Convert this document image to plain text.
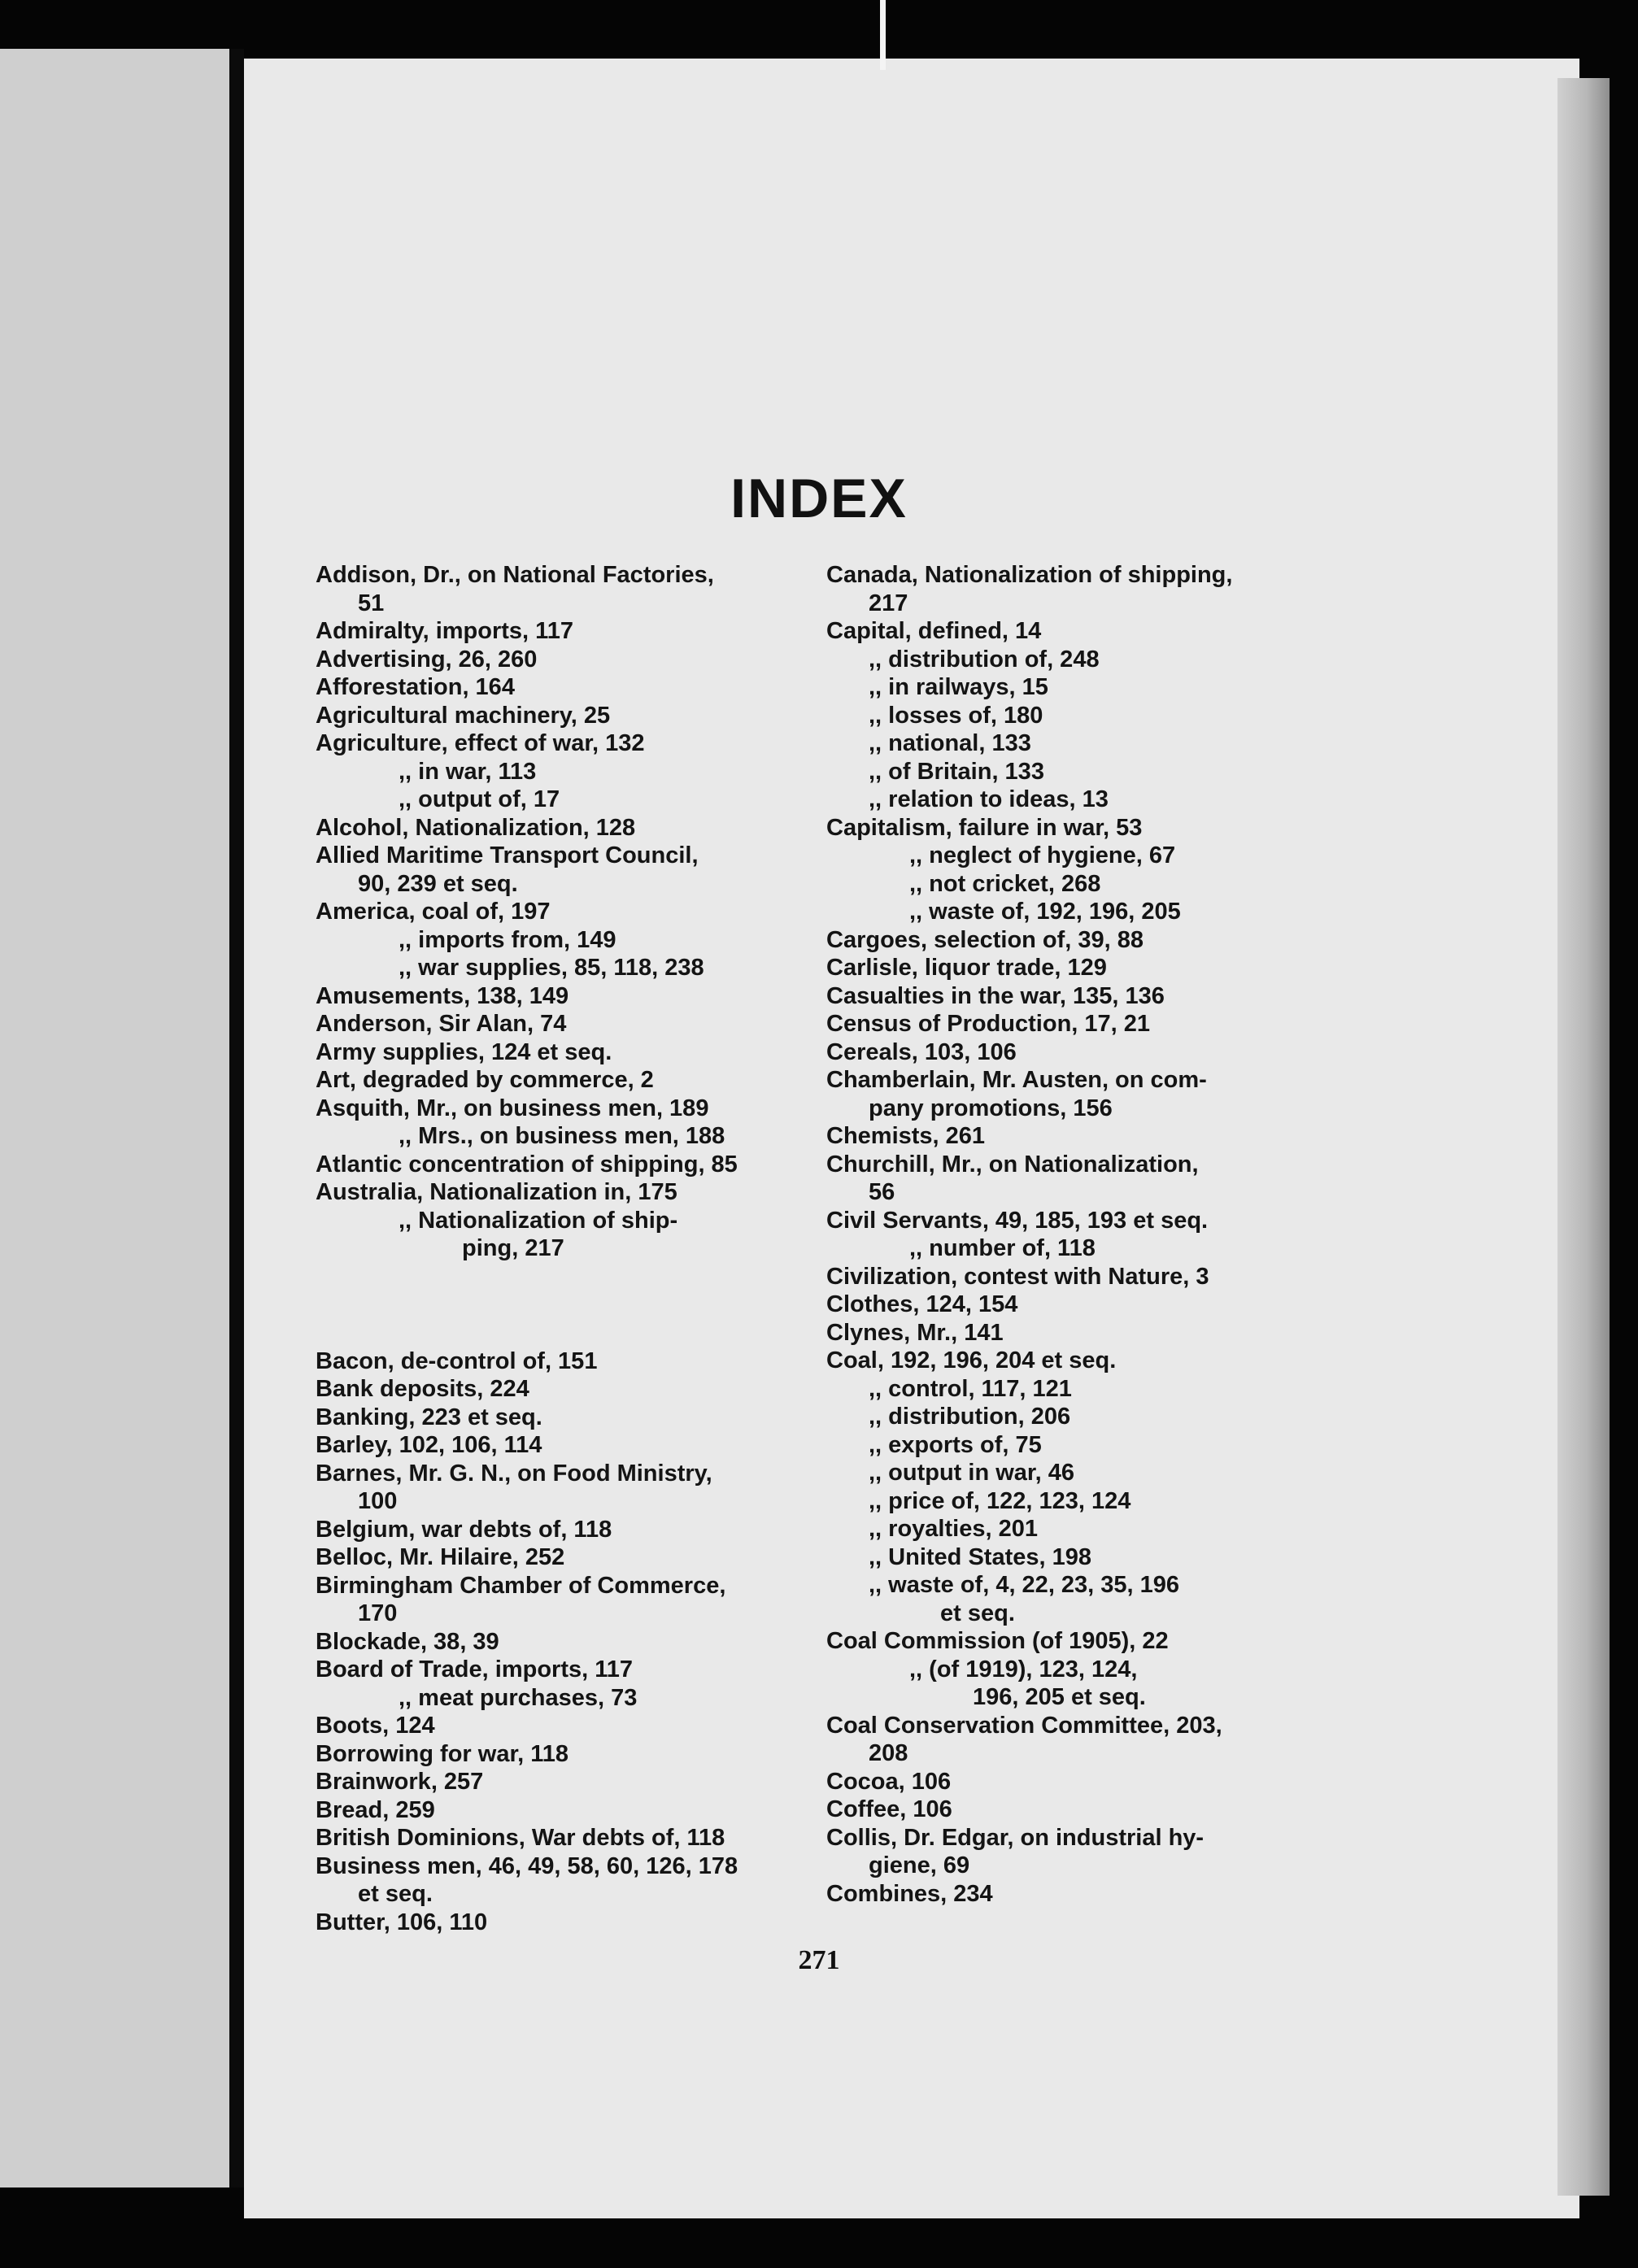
INDEX
Addison, Dr., on National Factories,
51
Admiralty, imports, 117
Advertising, 26, 260
Afforestation, 164
Agricultural machinery, 25
Agriculture, effect of war, 132
,, in war, 113
,, output of, 17
Alcohol, Nationalization, 128
Allied Maritime Transport Council,
90, 239 et seq.
America, coal of, 197
,, imports from, 149
,, war supplies, 85, 118, 238
Amusements, 138, 149
Anderson, Sir Alan, 74
Army supplies, 124 et seq.
Art, degraded by commerce, 2
Asquith, Mr., on business men, 189
,, Mrs., on business men, 188
Atlantic concentration of shipping, 85
Australia, Nationalization in, 175
,, Nationalization of ship-
ping, 217
Bacon, de-control of, 151
Bank deposits, 224
Banking, 223 et seq.
Barley, 102, 106, 114
Barnes, Mr. G. N., on Food Ministry,
100
Belgium, war debts of, 118
Belloc, Mr. Hilaire, 252
Birmingham Chamber of Commerce,
170
Blockade, 38, 39
Board of Trade, imports, 117
,, meat purchases, 73
Boots, 124
Borrowing for war, 118
Brainwork, 257
Bread, 259
British Dominions, War debts of, 118
Business men, 46, 49, 58, 60, 126, 178
et seq.
Butter, 106, 110
Canada, Nationalization of shipping,
217
Capital, defined, 14
,, distribution of, 248
,, in railways, 15
,, losses of, 180
,, national, 133
,, of Britain, 133
,, relation to ideas, 13
Capitalism, failure in war, 53
,, neglect of hygiene, 67
,, not cricket, 268
,, waste of, 192, 196, 205
Cargoes, selection of, 39, 88
Carlisle, liquor trade, 129
Casualties in the war, 135, 136
Census of Production, 17, 21
Cereals, 103, 106
Chamberlain, Mr. Austen, on com-
pany promotions, 156
Chemists, 261
Churchill, Mr., on Nationalization,
56
Civil Servants, 49, 185, 193 et seq.
,, number of, 118
Civilization, contest with Nature, 3
Clothes, 124, 154
Clynes, Mr., 141
Coal, 192, 196, 204 et seq.
,, control, 117, 121
,, distribution, 206
,, exports of, 75
,, output in war, 46
,, price of, 122, 123, 124
,, royalties, 201
,, United States, 198
,, waste of, 4, 22, 23, 35, 196
et seq.
Coal Commission (of 1905), 22
,, (of 1919), 123, 124,
196, 205 et seq.
Coal Conservation Committee, 203,
208
Cocoa, 106
Coffee, 106
Collis, Dr. Edgar, on industrial hy-
giene, 69
Combines, 234
271
